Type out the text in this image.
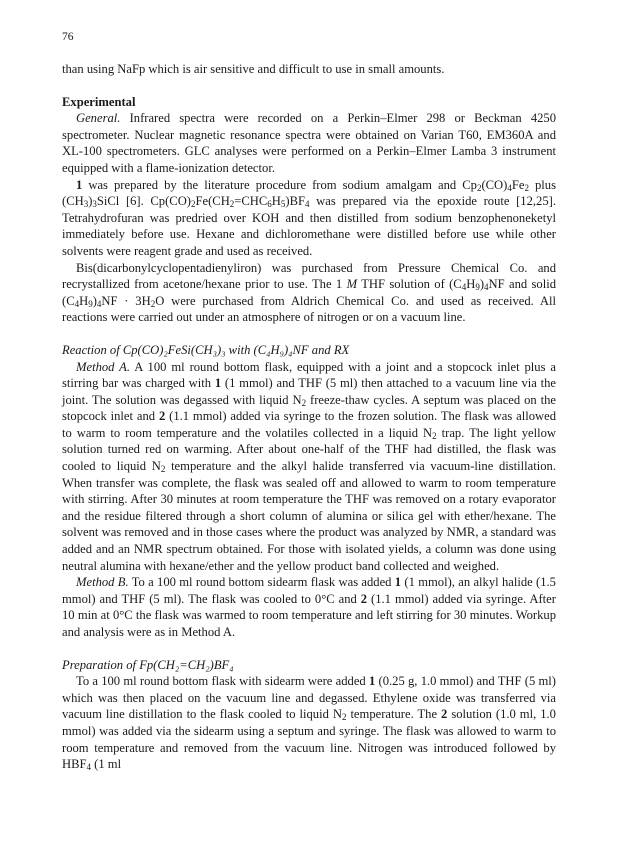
76

than using NaFp which is air sensitive and difficult to use in small amounts.

Experimental

General. Infrared spectra were recorded on a Perkin–Elmer 298 or Beckman 4250 spectrometer. Nuclear magnetic resonance spectra were obtained on Varian T60, EM360A and XL-100 spectrometers. GLC analyses were performed on a Perkin–Elmer Lamba 3 instrument equipped with a flame-ionization detector.

1 was prepared by the literature procedure from sodium amalgam and $Cp_2(CO)_4Fe_2$ plus $(CH_3)_3SiCl$ [6]. $Cp(CO)_2Fe(CH_2=CHC_6H_5)BF_4$ was prepared via the epoxide route [12,25]. Tetrahydrofuran was predried over KOH and then distilled from sodium benzophenoneketyl immediately before use. Hexane and dichloromethane were distilled before use while other solvents were reagent grade and used as received.

Bis(dicarbonylcyclopentadienyliron) was purchased from Pressure Chemical Co. and recrystallized from acetone/hexane prior to use. The 1 M THF solution of $(C_4H_9)_4NF$ and solid $(C_4H_9)_4NF \cdot 3H_2O$ were purchased from Aldrich Chemical Co. and used as received. All reactions were carried out under an atmosphere of nitrogen or on a vacuum line.

Reaction of Cp(CO)₂FeSi(CH₃)₃ with (C₄H₉)₄NF and RX

Method A. A 100 ml round bottom flask, equipped with a joint and a stopcock inlet plus a stirring bar was charged with 1 (1 mmol) and THF (5 ml) then attached to a vacuum line via the joint. The solution was degassed with liquid $N_2$ freeze-thaw cycles. A septum was placed on the stopcock inlet and 2 (1.1 mmol) added via syringe to the frozen solution. The flask was allowed to warm to room temperature and the volatiles collected in a liquid $N_2$ trap. The light yellow solution turned red on warming. After about one-half of the THF had distilled, the flask was cooled to liquid $N_2$ temperature and the alkyl halide transferred via vacuum-line distillation. When transfer was complete, the flask was sealed off and allowed to warm to room temperature with stirring. After 30 minutes at room temperature the THF was removed on a rotary evaporator and the residue filtered through a short column of alumina or silica gel with ether/hexane. The solvent was removed and in those cases where the product was analyzed by NMR, a standard was added and an NMR spectrum obtained. For those with isolated yields, a column was done using neutral alumina with hexane/ether and the yellow product band collected and weighed.

Method B. To a 100 ml round bottom sidearm flask was added 1 (1 mmol), an alkyl halide (1.5 mmol) and THF (5 ml). The flask was cooled to 0°C and 2 (1.1 mmol) added via syringe. After 10 min at 0°C the flask was warmed to room temperature and left stirring for 30 minutes. Workup and analysis were as in Method A.

Preparation of Fp(CH₂=CH₂)BF₄

To a 100 ml round bottom flask with sidearm were added 1 (0.25 g, 1.0 mmol) and THF (5 ml) which was then placed on the vacuum line and degassed. Ethylene oxide was transferred via vacuum line distillation to the flask cooled to liquid $N_2$ temperature. The 2 solution (1.0 ml, 1.0 mmol) was added via the sidearm using a septum and syringe. The flask was allowed to warm to room temperature and removed from the vacuum line. Nitrogen was introduced followed by $HBF_4$ (1 ml
